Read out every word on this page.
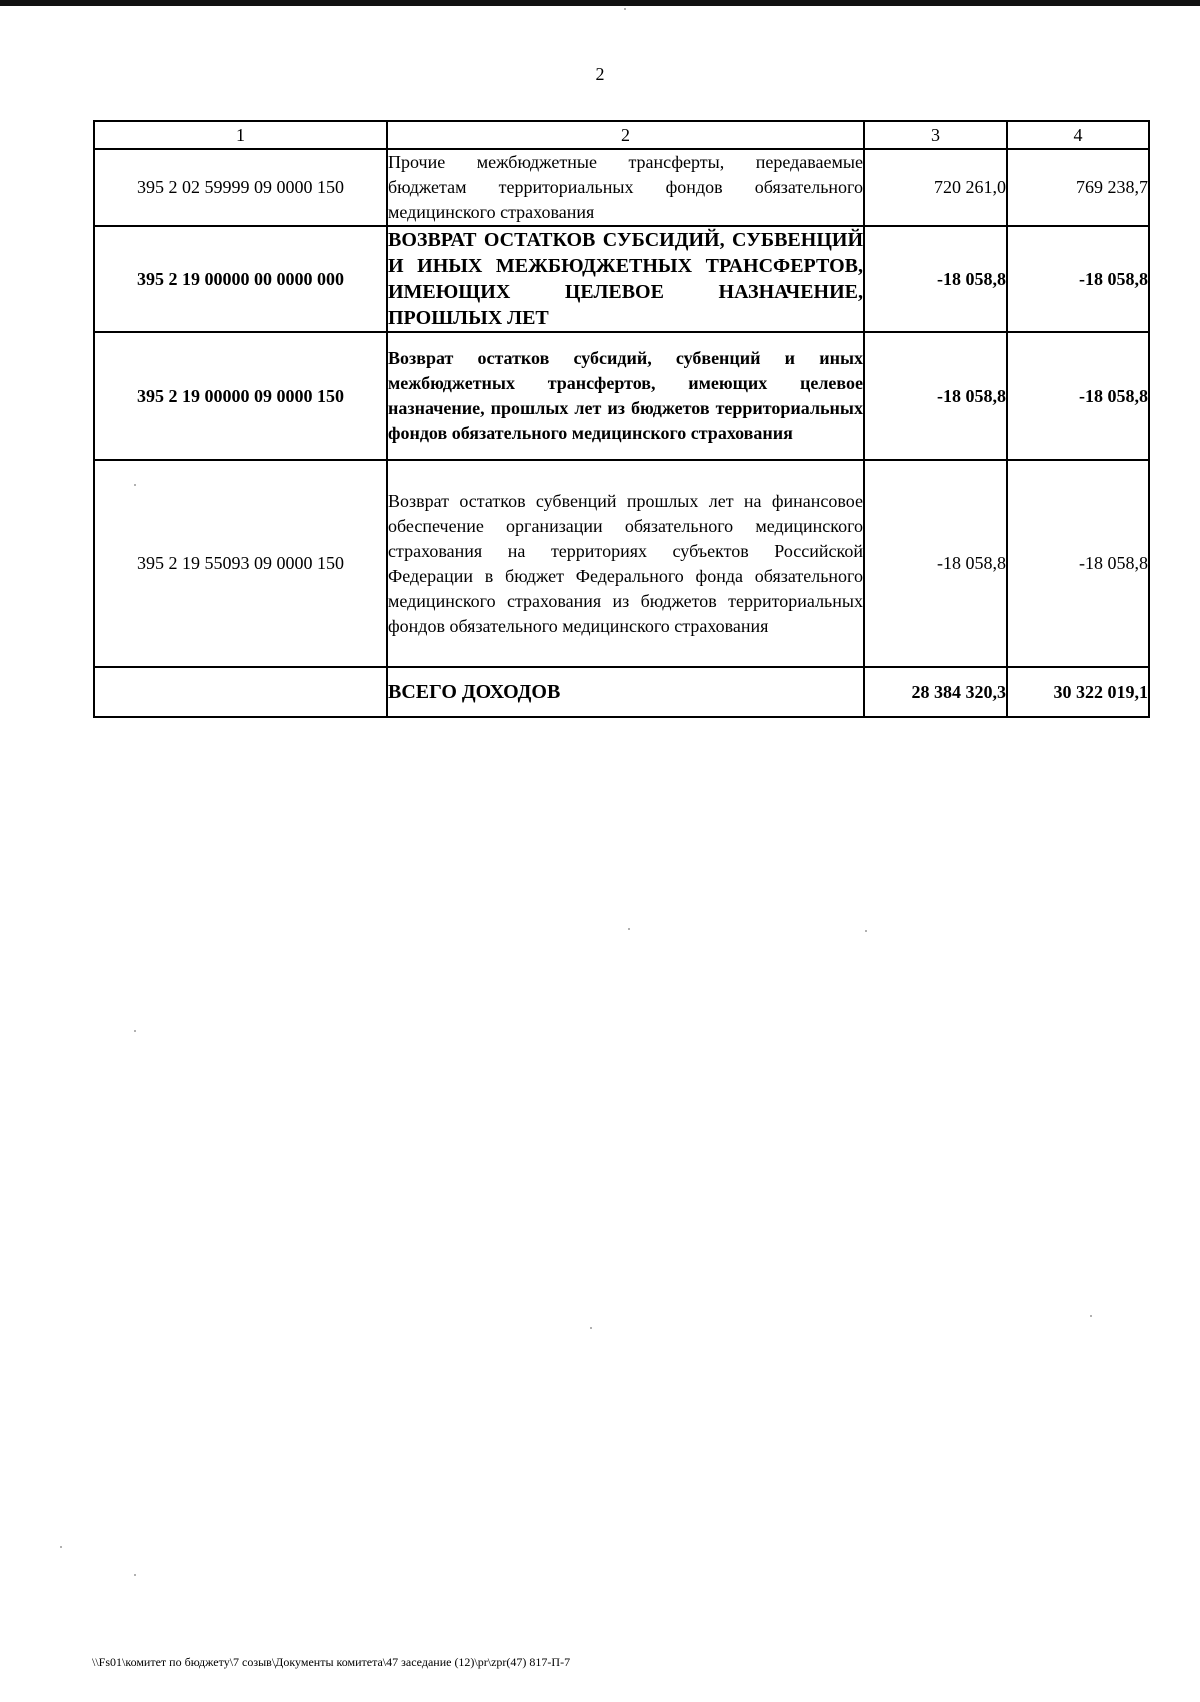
2
1	2	3	4
395 2 02 59999 09 0000 150	Прочие межбюджетные трансферты, передаваемые бюджетам территориальных фондов обязательного медицинского страхования	720 261,0	769 238,7
395 2 19 00000 00 0000 000	ВОЗВРАТ ОСТАТКОВ СУБСИДИЙ, СУБВЕНЦИЙ И ИНЫХ МЕЖБЮДЖЕТНЫХ ТРАНСФЕРТОВ, ИМЕЮЩИХ ЦЕЛЕВОЕ НАЗНАЧЕНИЕ, ПРОШЛЫХ ЛЕТ	-18 058,8	-18 058,8
395 2 19 00000 09 0000 150	Возврат остатков субсидий, субвенций и иных межбюджетных трансфертов, имеющих целевое назначение, прошлых лет из бюджетов территориальных фондов обязательного медицинского страхования	-18 058,8	-18 058,8
395 2 19 55093 09 0000 150	Возврат остатков субвенций прошлых лет на финансовое обеспечение организации обязательного медицинского страхования на территориях субъектов Российской Федерации в бюджет Федерального фонда обязательного медицинского страхования из бюджетов территориальных фондов обязательного медицинского страхования	-18 058,8	-18 058,8
	ВСЕГО ДОХОДОВ	28 384 320,3	30 322 019,1
\\Fs01\комитет по бюджету\7 созыв\Документы комитета\47 заседание (12)\pr\zpr(47) 817-П-7
